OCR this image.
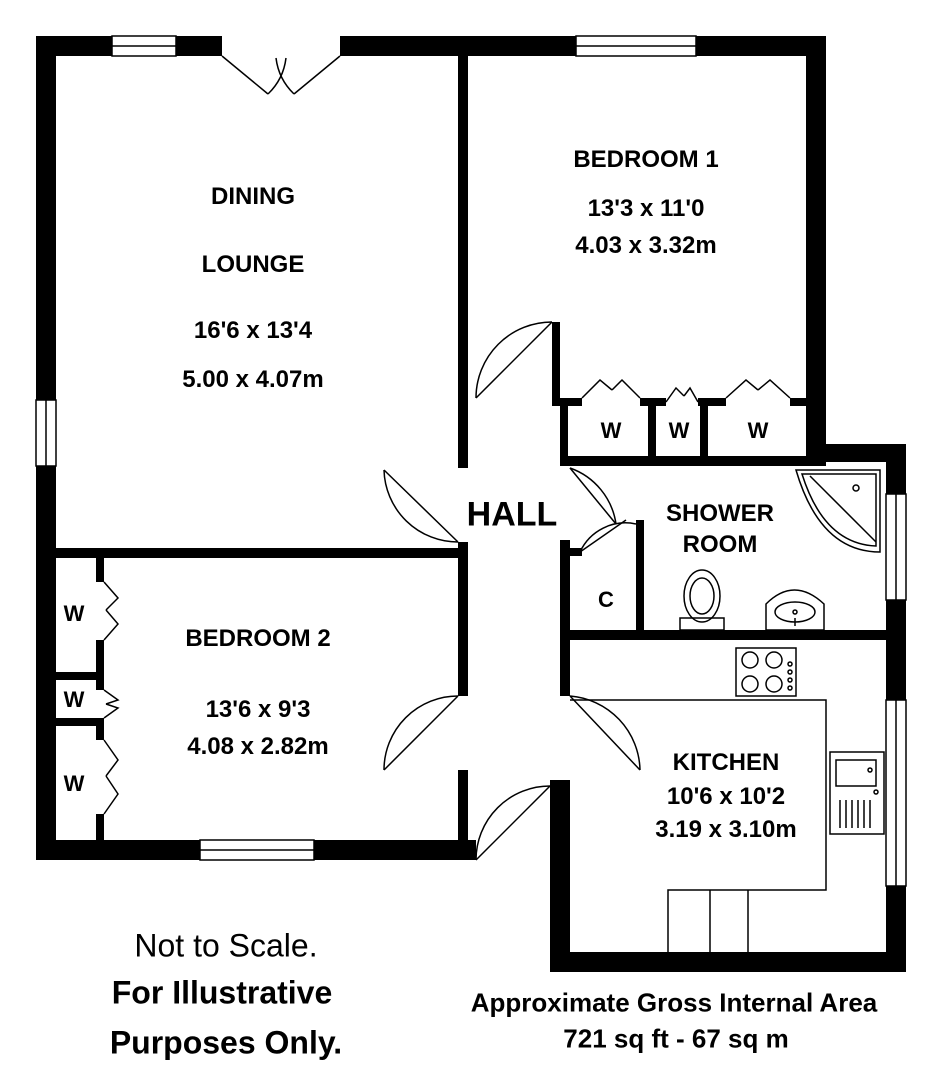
DINING
LOUNGE
16'6 x 13'4
5.00 x 4.07m
BEDROOM 1
13'3 x 11'0
4.03 x 3.32m
BEDROOM 2
13'6 x 9'3
4.08 x 2.82m
HALL	SHOWER
ROOM
KITCHEN
10'6 x 10'2
3.19 x 3.10m
C
W W	W
W
W
W
Not to Scale.
For Illustrative
Purposes Only.
Approximate Gross Internal Area
721 sq ft - 67 sq m
